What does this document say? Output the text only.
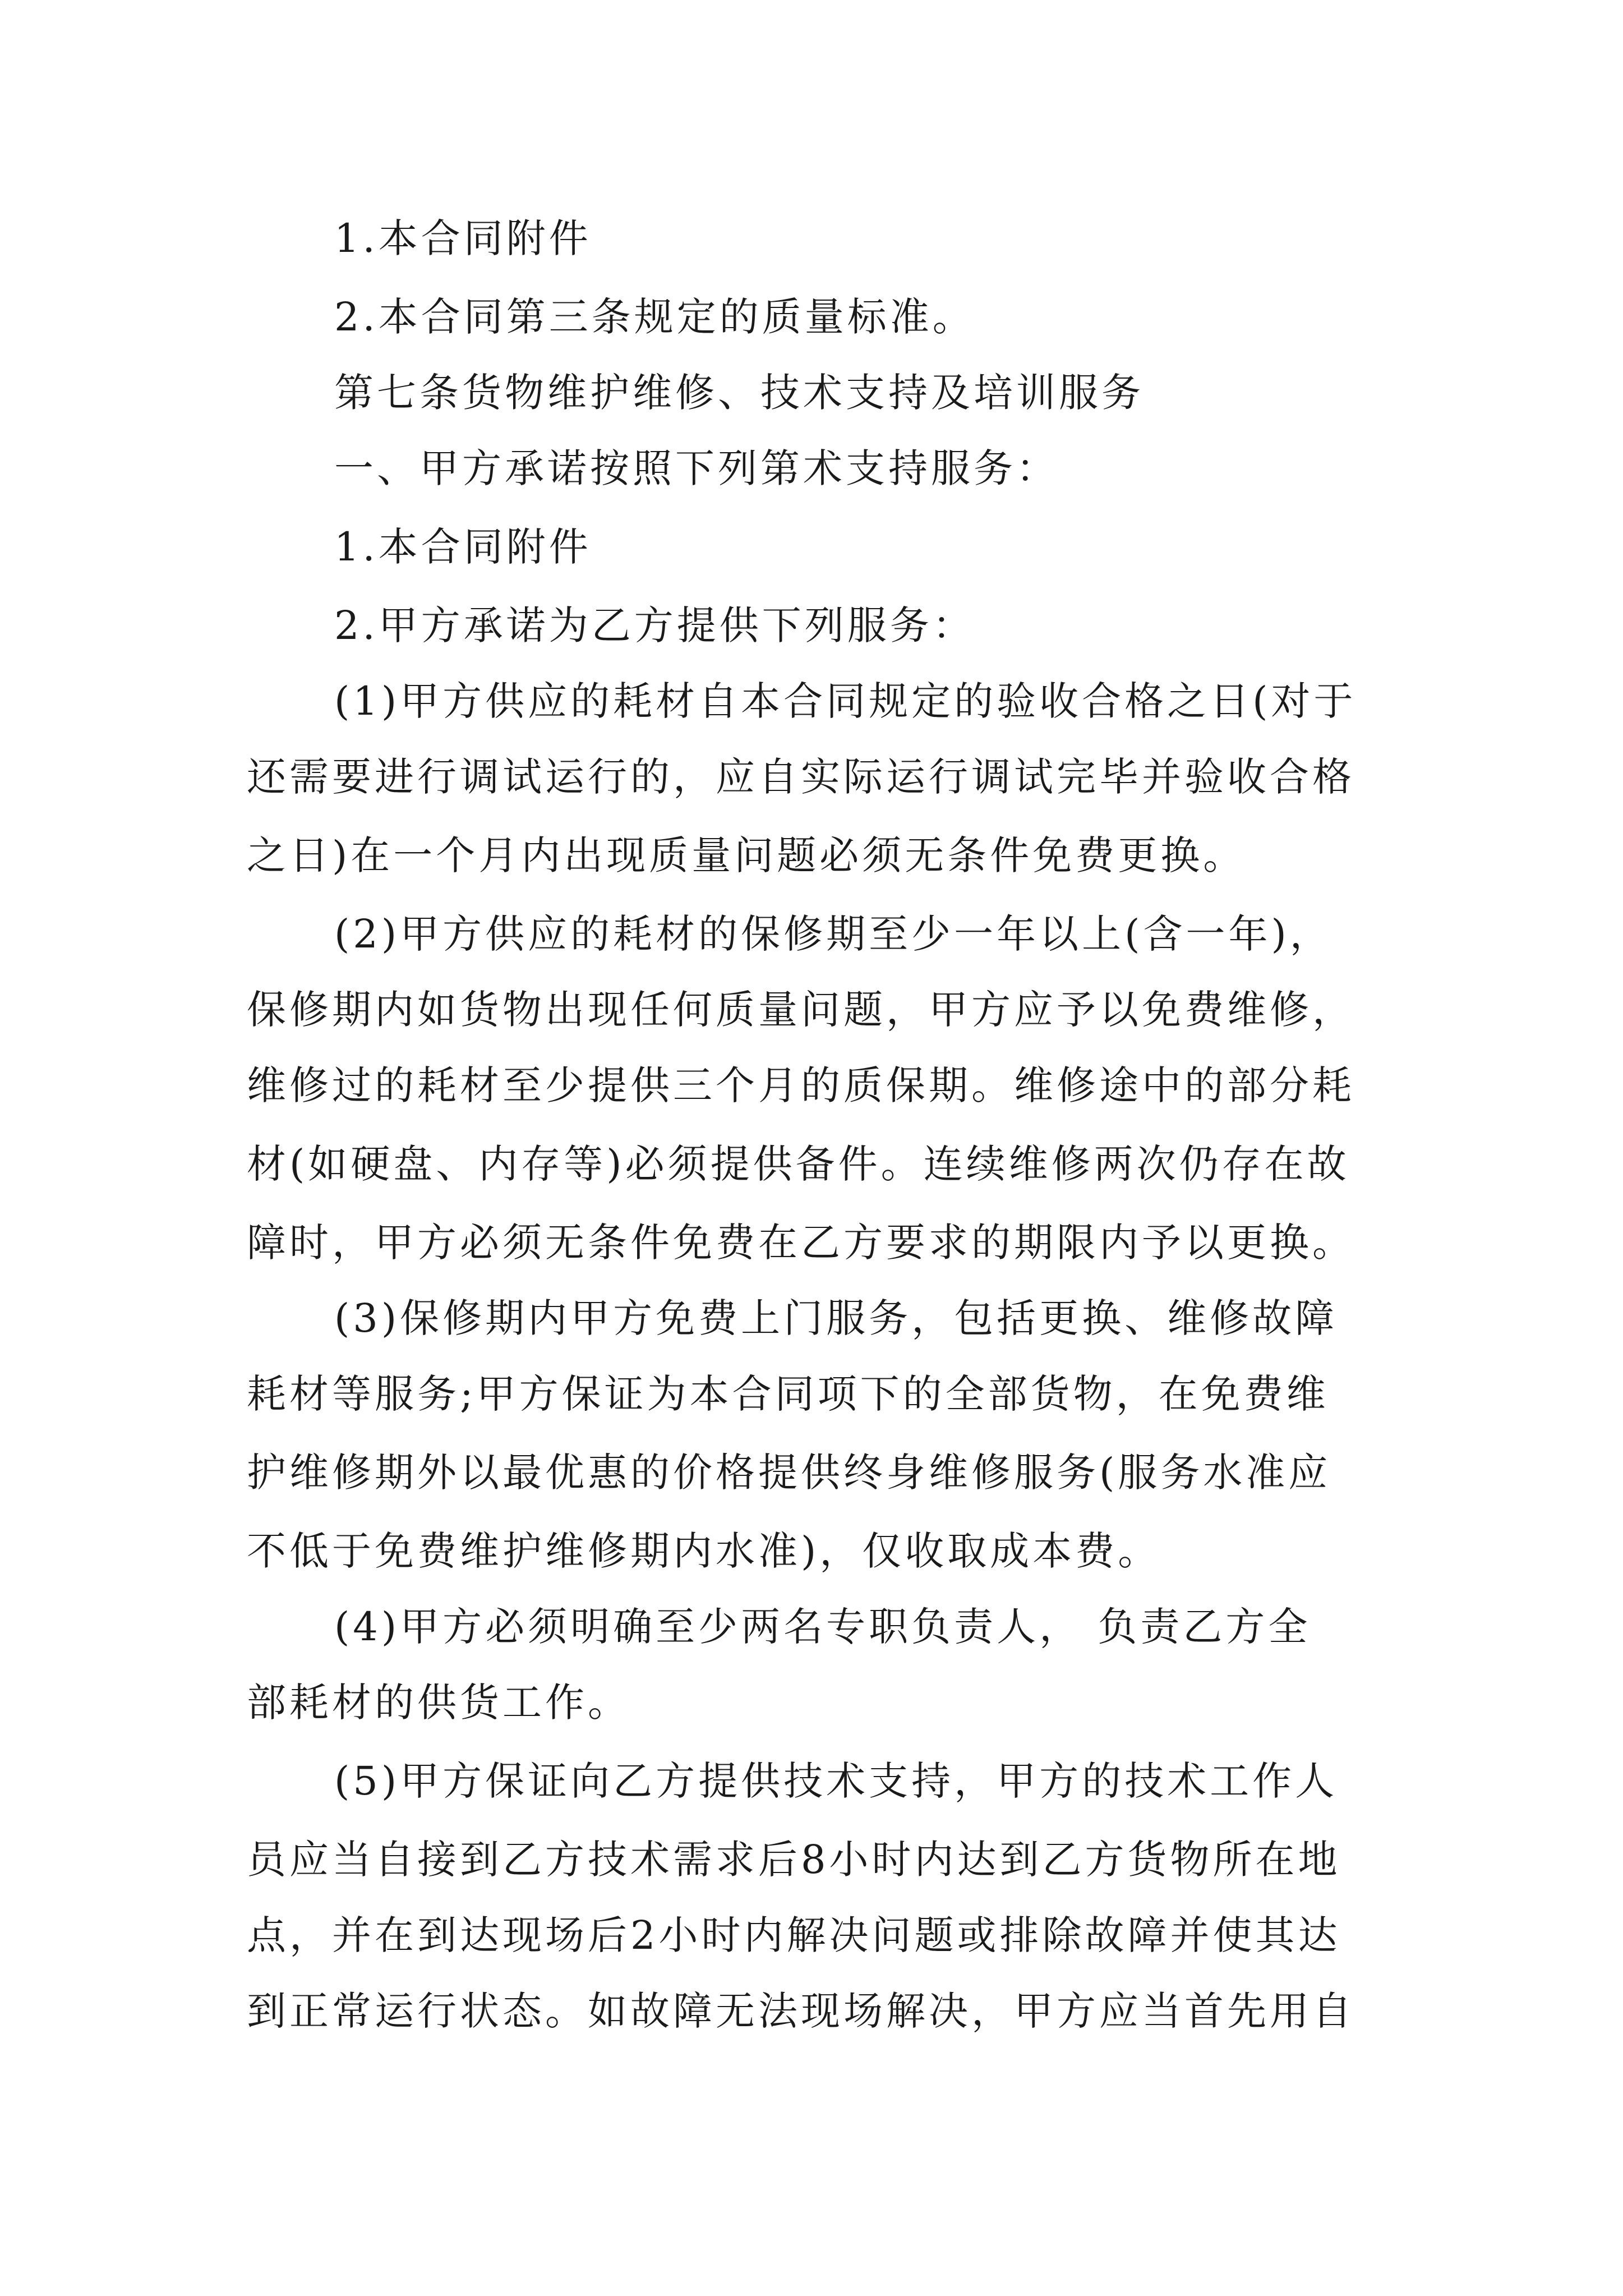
1.本合同附件
2.本合同第三条规定的质量标准。
第七条货物维护维修、技术支持及培训服务
一、甲方承诺按照下列第术支持服务：
1.本合同附件
2.甲方承诺为乙方提供下列服务：
(1)甲方供应的耗材自本合同规定的验收合格之日(对于
还需要进行调试运行的，应自实际运行调试完毕并验收合格
之日)在一个月内出现质量问题必须无条件免费更换。
(2)甲方供应的耗材的保修期至少一年以上(含一年)，
保修期内如货物出现任何质量问题，甲方应予以免费维修，
维修过的耗材至少提供三个月的质保期。维修途中的部分耗
材(如硬盘、内存等)必须提供备件。连续维修两次仍存在故
障时，甲方必须无条件免费在乙方要求的期限内予以更换。
(3)保修期内甲方免费上门服务，包括更换、维修故障
耗材等服务;甲方保证为本合同项下的全部货物，在免费维
护维修期外以最优惠的价格提供终身维修服务(服务水准应
不低于免费维护维修期内水准)，仅收取成本费。
(4)甲方必须明确至少两名专职负责人， 负责乙方全
部耗材的供货工作。
(5)甲方保证向乙方提供技术支持，甲方的技术工作人
员应当自接到乙方技术需求后8小时内达到乙方货物所在地
点，并在到达现场后2小时内解决问题或排除故障并使其达
到正常运行状态。如故障无法现场解决，甲方应当首先用自
